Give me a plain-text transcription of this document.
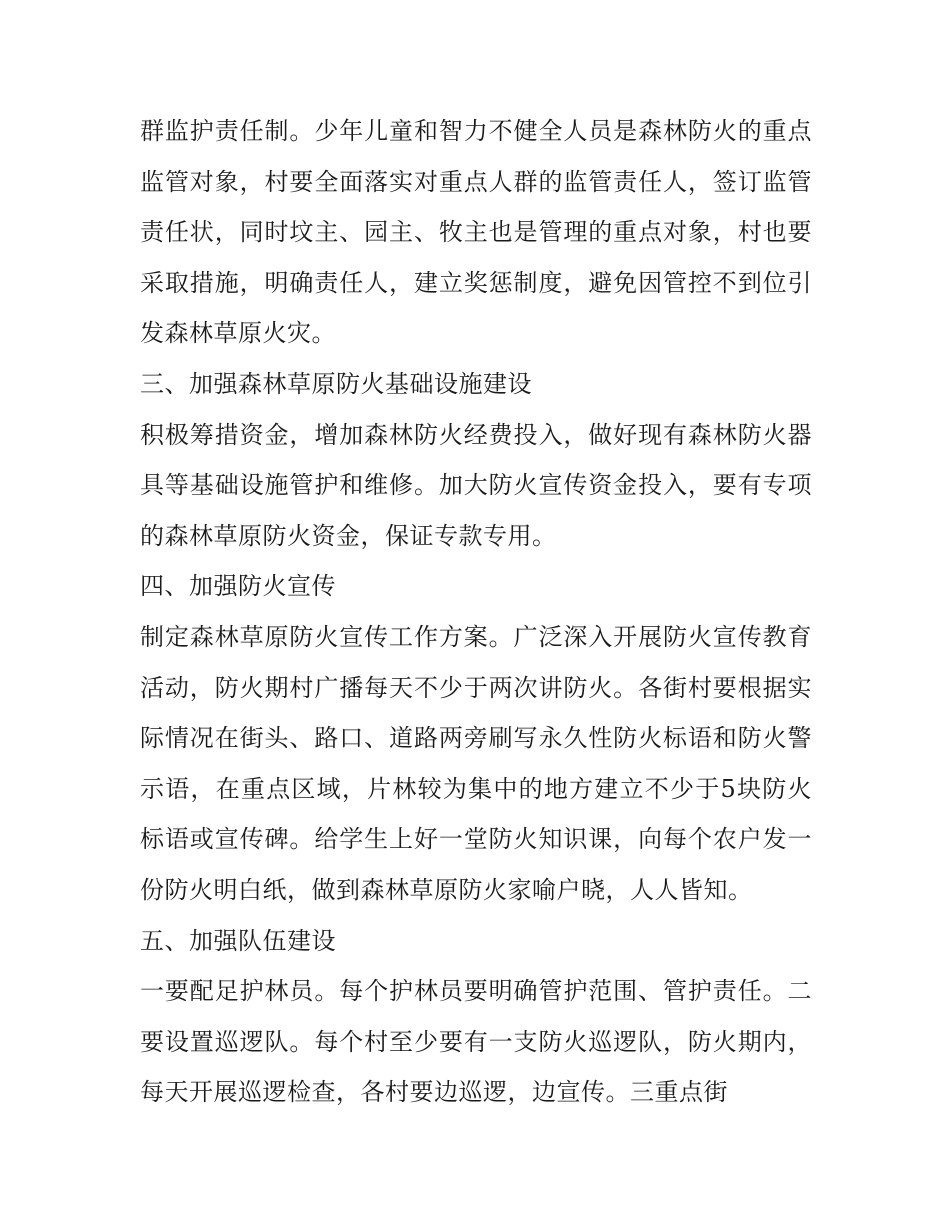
群监护责任制。少年儿童和智力不健全人员是森林防火的重点监管对象，村要全面落实对重点人群的监管责任人，签订监管责任状，同时坟主、园主、牧主也是管理的重点对象，村也要采取措施，明确责任人，建立奖惩制度，避免因管控不到位引发森林草原火灾。

三、加强森林草原防火基础设施建设

积极筹措资金，增加森林防火经费投入，做好现有森林防火器具等基础设施管护和维修。加大防火宣传资金投入，要有专项的森林草原防火资金，保证专款专用。

四、加强防火宣传

制定森林草原防火宣传工作方案。广泛深入开展防火宣传教育活动，防火期村广播每天不少于两次讲防火。各街村要根据实际情况在街头、路口、道路两旁刷写永久性防火标语和防火警示语，在重点区域，片林较为集中的地方建立不少于5块防火标语或宣传碑。给学生上好一堂防火知识课，向每个农户发一份防火明白纸，做到森林草原防火家喻户晓，人人皆知。

五、加强队伍建设

一要配足护林员。每个护林员要明确管护范围、管护责任。二要设置巡逻队。每个村至少要有一支防火巡逻队，防火期内，每天开展巡逻检查，各村要边巡逻，边宣传。三重点街
